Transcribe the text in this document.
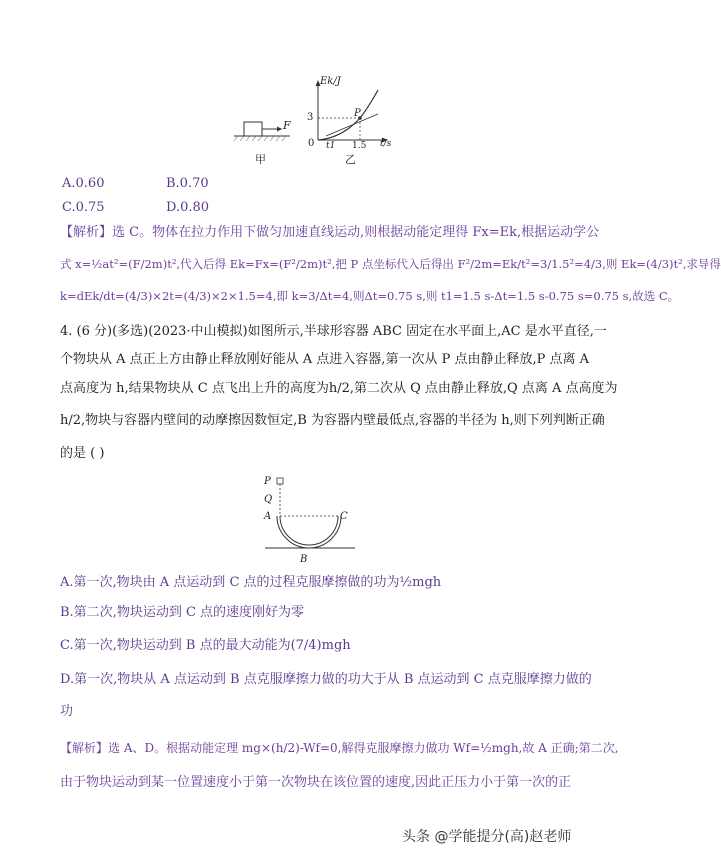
F
甲
Ek/J
3
0 t1 1.5
P
t/s
乙
A.0.60	B.0.70
C.0.75	D.0.80
【解析】选 C。物体在拉力作用下做匀加速直线运动,则根据动能定理得 Fx=Ek,根据运动学公
式 x=½at²=(F/2m)t²,代入后得 Ek=Fx=(F²/2m)t²,把 P 点坐标代入后得出 F²/2m=Ek/t²=3/1.5²=4/3,则 Ek=(4/3)t²,求导得
k=dEk/dt=(4/3)×2t=(4/3)×2×1.5=4,即 k=3/Δt=4,则Δt=0.75 s,则 t1=1.5 s-Δt=1.5 s-0.75 s=0.75 s,故选 C。
4. (6 分)(多选)(2023·中山模拟)如图所示,半球形容器 ABC 固定在水平面上,AC 是水平直径,一
个物块从 A 点正上方由静止释放刚好能从 A 点进入容器,第一次从 P 点由静止释放,P 点离 A
点高度为 h,结果物块从 C 点飞出上升的高度为h/2,第二次从 Q 点由静止释放,Q 点离 A 点高度为
h/2,物块与容器内壁间的动摩擦因数恒定,B 为容器内壁最低点,容器的半径为 h,则下列判断正确
的是 ( )
P
Q
A	C
B
A.第一次,物块由 A 点运动到 C 点的过程克服摩擦做的功为½mgh
B.第二次,物块运动到 C 点的速度刚好为零
C.第一次,物块运动到 B 点的最大动能为(7/4)mgh
D.第一次,物块从 A 点运动到 B 点克服摩擦力做的功大于从 B 点运动到 C 点克服摩擦力做的
功
【解析】选 A、D。根据动能定理 mg×(h/2)-Wf=0,解得克服摩擦力做功 Wf=½mgh,故 A 正确;第二次,
由于物块运动到某一位置速度小于第一次物块在该位置的速度,因此正压力小于第一次的正
头条 @学能提分(高)赵老师
